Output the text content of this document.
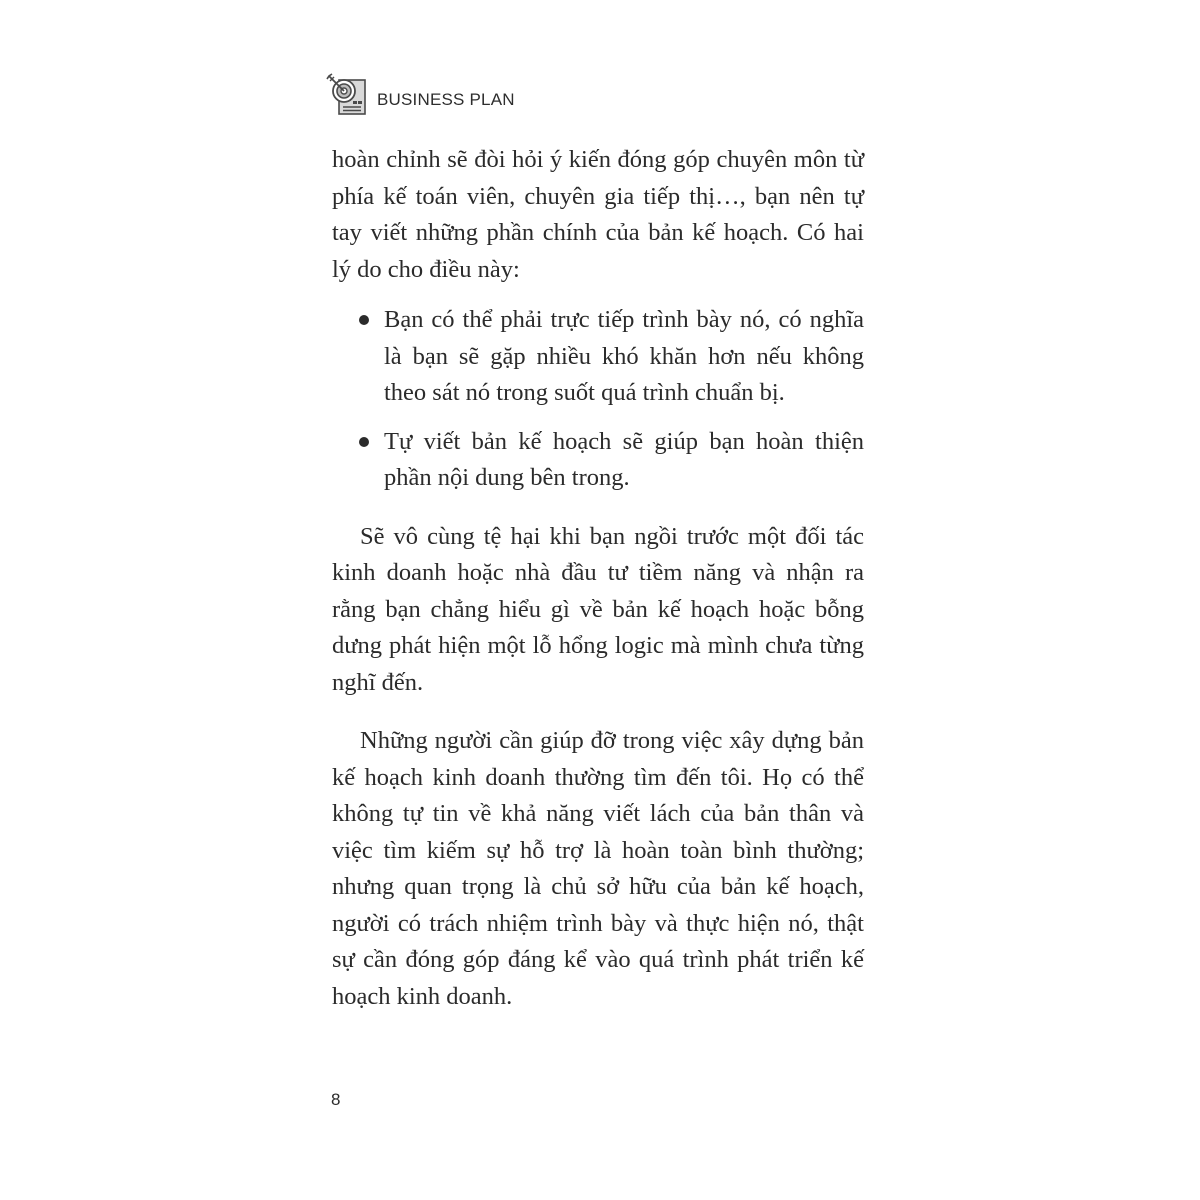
BUSINESS PLAN

hoàn chỉnh sẽ đòi hỏi ý kiến đóng góp chuyên môn từ phía kế toán viên, chuyên gia tiếp thị…, bạn nên tự tay viết những phần chính của bản kế hoạch. Có hai lý do cho điều này:

Bạn có thể phải trực tiếp trình bày nó, có nghĩa là bạn sẽ gặp nhiều khó khăn hơn nếu không theo sát nó trong suốt quá trình chuẩn bị.
Tự viết bản kế hoạch sẽ giúp bạn hoàn thiện phần nội dung bên trong.

Sẽ vô cùng tệ hại khi bạn ngồi trước một đối tác kinh doanh hoặc nhà đầu tư tiềm năng và nhận ra rằng bạn chẳng hiểu gì về bản kế hoạch hoặc bỗng dưng phát hiện một lỗ hổng logic mà mình chưa từng nghĩ đến.

Những người cần giúp đỡ trong việc xây dựng bản kế hoạch kinh doanh thường tìm đến tôi. Họ có thể không tự tin về khả năng viết lách của bản thân và việc tìm kiếm sự hỗ trợ là hoàn toàn bình thường; nhưng quan trọng là chủ sở hữu của bản kế hoạch, người có trách nhiệm trình bày và thực hiện nó, thật sự cần đóng góp đáng kể vào quá trình phát triển kế hoạch kinh doanh.

8
